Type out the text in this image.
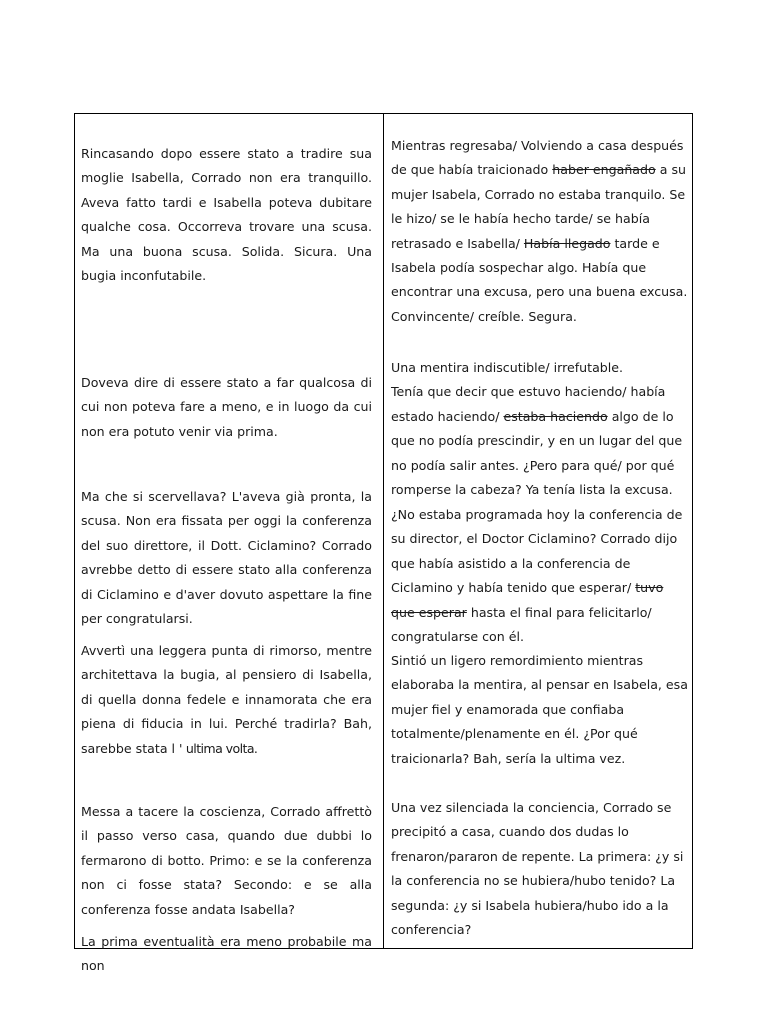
Rincasando dopo essere stato a tradire sua moglie Isabella, Corrado non era tranquillo. Aveva fatto tardi e Isabella poteva dubitare qualche cosa. Occorreva trovare una scusa. Ma una buona scusa. Solida. Sicura. Una bugia inconfutabile.

Doveva dire di essere stato a far qualcosa di cui non poteva fare a meno, e in luogo da cui non era potuto venir via prima.

Ma che si scervellava? L'aveva già pronta, la scusa. Non era fissata per oggi la conferenza del suo direttore, il Dott. Ciclamino? Corrado avrebbe detto di essere stato alla conferenza di Ciclamino e d'aver dovuto aspettare la fine per congratularsi.

Avvertì una leggera punta di rimorso, mentre architettava la bugia, al pensiero di Isabella, di quella donna fedele e innamorata che era piena di fiducia in lui. Perché tradirla? Bah, sarebbe stata l ' ultima volta.

Messa a tacere la coscienza, Corrado affrettò il passo verso casa, quando due dubbi lo fermarono di botto. Primo: e se la conferenza non ci fosse stata? Secondo: e se alla conferenza fosse andata Isabella?

La prima eventualità era meno probabile ma non

Mientras regresaba/ Volviendo a casa después de que había traicionado haber engañado a su mujer Isabela, Corrado no estaba tranquilo. Se le hizo/ se le había hecho tarde/ se había retrasado e Isabella/ Había llegado tarde e Isabela podía sospechar algo. Había que encontrar una excusa, pero una buena excusa. Convincente/ creíble. Segura.

Una mentira indiscutible/ irrefutable.
Tenía que decir que estuvo haciendo/ había estado haciendo/ estaba haciendo algo de lo que no podía prescindir, y en un lugar del que no podía salir antes. ¿Pero para qué/ por qué romperse la cabeza? Ya tenía lista la excusa.

¿No estaba programada hoy la conferencia de su director, el Doctor Ciclamino? Corrado dijo que había asistido a la conferencia de Ciclamino y había tenido que esperar/ tuvo que esperar hasta el final para felicitarlo/ congratularse con él.

Sintió un ligero remordimiento mientras elaboraba la mentira, al pensar en Isabela, esa mujer fiel y enamorada que confiaba totalmente/plenamente en él. ¿Por qué traicionarla? Bah, sería la ultima vez.

Una vez silenciada la conciencia, Corrado se precipitó a casa, cuando dos dudas lo frenaron/pararon de repente. La primera: ¿y si la conferencia no se hubiera/hubo tenido? La segunda: ¿y si Isabela hubiera/hubo ido a la conferencia?
